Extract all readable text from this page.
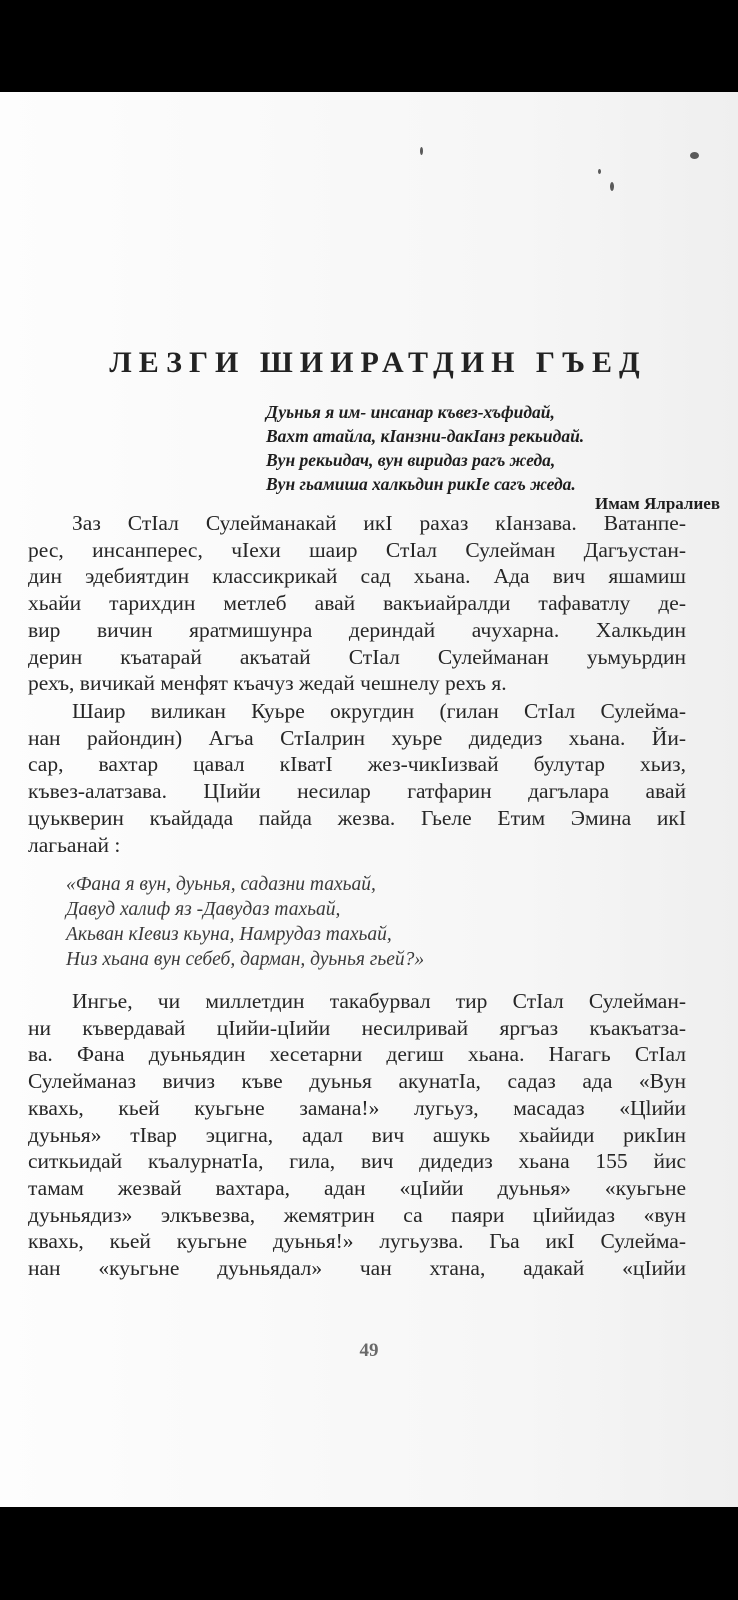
ЛЕЗГИ ШИИРАТДИН ГЪЕД
Дуьнья я им- инсанар къвез-хъфидай,
Вахт атайла, кIанзни-дакIанз рекьидай.
Вун рекьидач, вун виридаз рагъ жеда,
Вун гьамиша халкьдин рикIе сагъ жеда.
Имам Ялралиев
Заз СтIал Сулейманакай икI рахаз кIанзава. Ватанпе-
рес, инсанперес, чIехи шаир СтIал Сулейман Дагъустан-
дин эдебиятдин классикрикай сад хьана. Ада вич яшамиш
хьайи тарихдин метлеб авай вакъиайралди тафаватлу де-
вир вичин яратмишунра дериндай ачухарна. Халкьдин
дерин къатарай акъатай СтIал Сулейманан уьмуьрдин
рехъ, вичикай менфят къачуз жедай чешнелу рехъ я.
Шаир виликан Куьре округдин (гилан СтIал Сулейма-
нан райондин) Агъа СтIалрин хуьре дидедиз хьана. Йи-
сар, вахтар цавал кIватI жез-чикIизвай булутар хьиз,
къвез-алатзава. ЦIийи несилар гатфарин дагълара авай
цуькверин къайдада пайда жезва. Гьеле Етим Эмина икI
лагьанай :
«Фана я вун, дуьнья, садазни тахьай,
Давуд халиф яз -Давудаз тахьай,
Акьван кIевиз кьуна, Намрудаз тахьай,
Низ хьана вун себеб, дарман, дуьнья гьей?»
Ингье, чи миллетдин такабурвал тир СтIал Сулейман-
ни къвердавай цIийи-цIийи несилривай яргъаз къакъатза-
ва. Фана дуьньядин хесетарни дегиш хьана. Нагагь СтIал
Сулейманаз вичиз къве дуьнья акунатIа, садаз ада «Вун
квахь, кьей куьгьне замана!» лугьуз, масадаз «Цlийи
дуьнья» тIвар эцигна, адал вич ашукь хьайиди рикIин
ситкьидай къалурнатIа, гила, вич дидедиз хьана 155 йис
тамам жезвай вахтара, адан «цIийи дуьнья» «куьгьне
дуьньядиз» элкъвезва, жемятрин са паяри цIийидаз «вун
квахь, кьей куьгьне дуьнья!» лугьузва. Гьа икI Сулейма-
нан «куьгьне дуьньядал» чан хтана, адакай «цIийи
49
